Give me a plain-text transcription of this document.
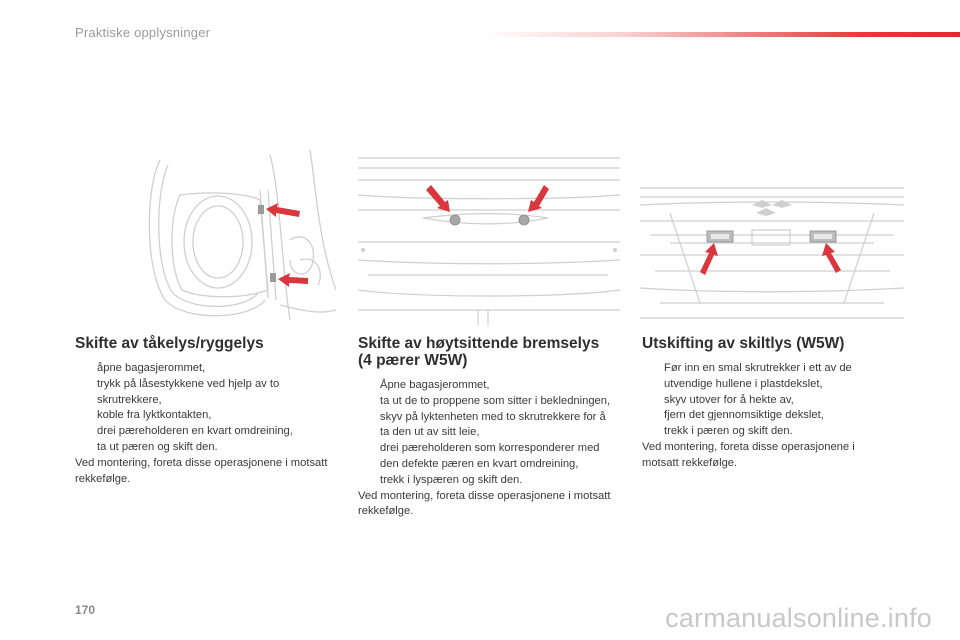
Praktiske opplysninger
Skifte av tåkelys/ryggelys
åpne bagasjerommet,
trykk på låsestykkene ved hjelp av to skrutrekkere,
koble fra lyktkontakten,
drei pæreholderen en kvart omdreining,
ta ut pæren og skift den.
Ved montering, foreta disse operasjonene i motsatt rekkefølge.
Skifte av høytsittende bremselys (4 pærer W5W)
Åpne bagasjerommet,
ta ut de to proppene som sitter i bekledningen,
skyv på lyktenheten med to skrutrekkere for å ta den ut av sitt leie,
drei pæreholderen som korresponderer med den defekte pæren en kvart omdreining,
trekk i lyspæren og skift den.
Ved montering, foreta disse operasjonene i motsatt rekkefølge.
Utskifting av skiltlys (W5W)
Før inn en smal skrutrekker i ett av de utvendige hullene i plastdekslet,
skyv utover for å hekte av,
fjern det gjennomsiktige dekslet,
trekk i pæren og skift den.
Ved montering, foreta disse operasjonene i motsatt rekkefølge.
170	carmanualsonline.info
